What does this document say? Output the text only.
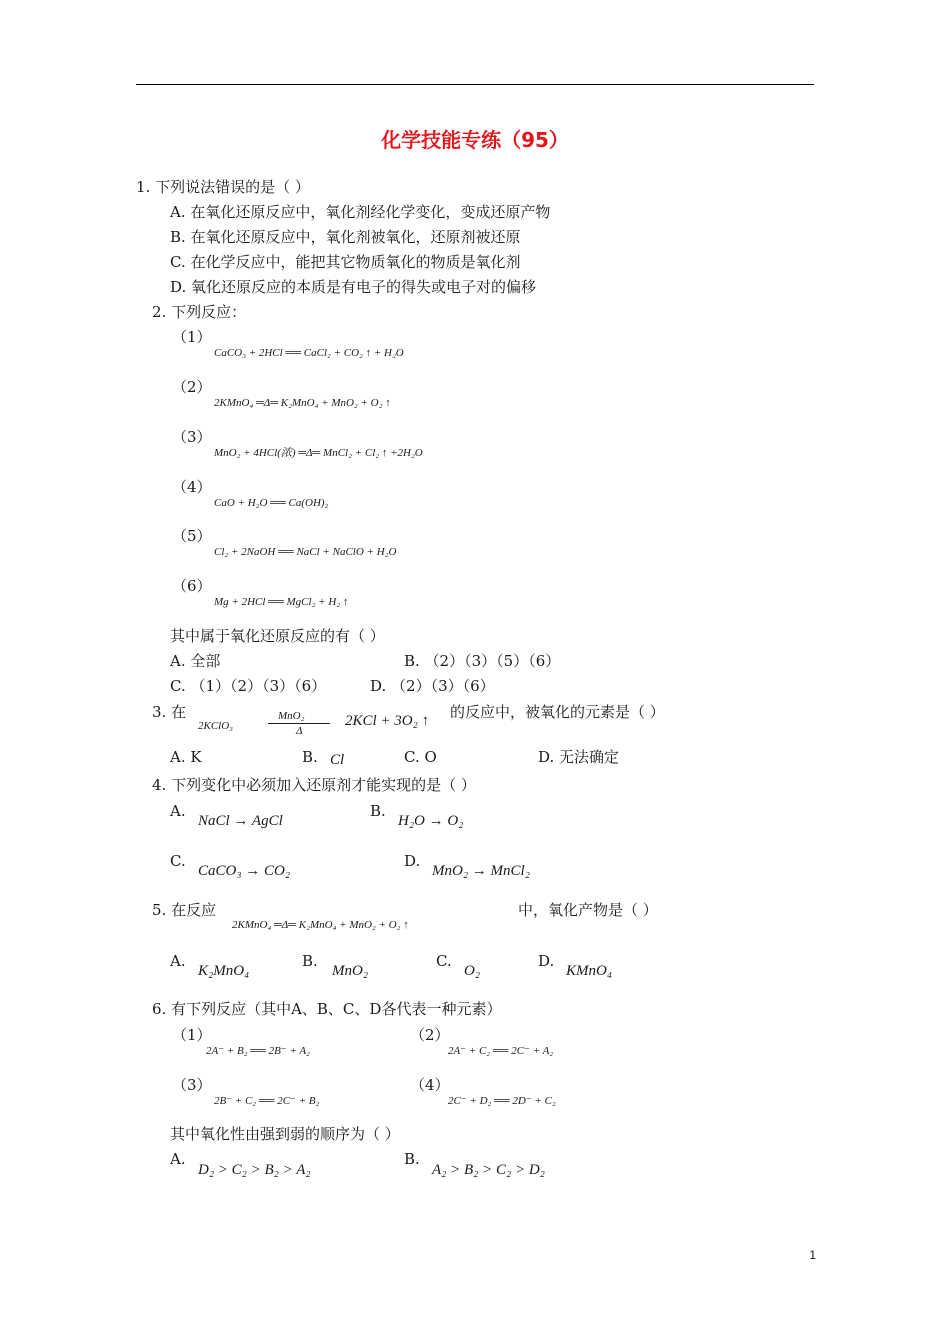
化学技能专练（95）
1. 下列说法错误的是（ ）
A. 在氧化还原反应中，氧化剂经化学变化，变成还原产物
B. 在氧化还原反应中，氧化剂被氧化，还原剂被还原
C. 在化学反应中，能把其它物质氧化的物质是氧化剂
D. 氧化还原反应的本质是有电子的得失或电子对的偏移
2. 下列反应：
（1）
CaCO₃ + 2HCl ══ CaCl₂ + CO₂ ↑ + H₂O
（2）
2KMnO₄ ═Δ═ K₂MnO₄ + MnO₂ + O₂ ↑
（3）
MnO₂ + 4HCl(浓) ═Δ═ MnCl₂ + Cl₂ ↑ +2H₂O
（4）
CaO + H₂O ══ Ca(OH)₂
（5）
Cl₂ + 2NaOH ══ NaCl + NaClO + H₂O
（6）
Mg + 2HCl ══ MgCl₂ + H₂ ↑
其中属于氧化还原反应的有（ ）
A. 全部	B. （2）（3）（5）（6）
C. （1）（2）（3）（6）	D. （2）（3）（6）
3. 在
2KClO₃
MnO₂
Δ
2KCl + 3O₂ ↑ 的反应中，被氧化的元素是（ ）
A. K	B. Cl	C. O	D. 无法确定
4. 下列变化中必须加入还原剂才能实现的是（ ）
A.
NaCl → AgCl
B.
H₂O → O₂
C.
CaCO₃ → CO₂
D.
MnO₂ → MnCl₂
5. 在反应
2KMnO₄ ═Δ═ K₂MnO₄ + MnO₂ + O₂ ↑
中，氧化产物是（ ）
A.
K₂MnO₄
B.
MnO₂
C.
O₂
D.
KMnO₄
6. 有下列反应（其中A、B、C、D各代表一种元素）
（1）
2A⁻ + B₂ ══ 2B⁻ + A₂
（2）
2A⁻ + C₂ ══ 2C⁻ + A₂
（3）
2B⁻ + C₂ ══ 2C⁻ + B₂
（4）
2C⁻ + D₂ ══ 2D⁻ + C₂
其中氧化性由强到弱的顺序为（ ）
A.
D₂ > C₂ > B₂ > A₂
B.
A₂ > B₂ > C₂ > D₂
1
